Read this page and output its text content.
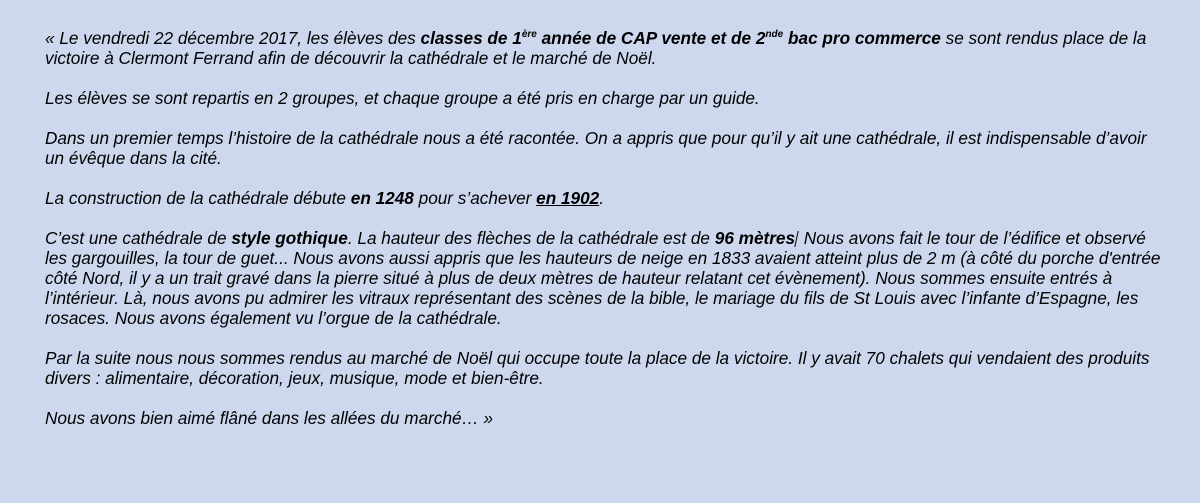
« Le vendredi 22 décembre 2017, les élèves des classes de 1ère année de CAP vente et de 2nde bac pro commerce se sont rendus place de la victoire à Clermont Ferrand afin de découvrir la cathédrale et le marché de Noël.

Les élèves se sont repartis en 2 groupes, et chaque groupe a été pris en charge par un guide.

Dans un premier temps l’histoire de la cathédrale nous a été racontée. On a appris que pour qu’il y ait une cathédrale, il est indispensable d’avoir un évêque dans la cité.

La construction de la cathédrale débute en 1248 pour s’achever en 1902.

C’est une cathédrale de style gothique. La hauteur des flèches de la cathédrale est de 96 mètres Nous avons fait le tour de l’édifice et observé les gargouilles, la tour de guet... Nous avons aussi appris que les hauteurs de neige en 1833 avaient atteint plus de 2 m (à côté du porche d'entrée côté Nord, il y a un trait gravé dans la pierre situé à plus de deux mètres de hauteur relatant cet évènement). Nous sommes ensuite entrés à l’intérieur. Là, nous avons pu admirer les vitraux représentant des scènes de la bible, le mariage du fils de St Louis avec l’infante d’Espagne, les rosaces. Nous avons également vu l’orgue de la cathédrale.

Par la suite nous nous sommes rendus au marché de Noël qui occupe toute la place de la victoire. Il y avait 70 chalets qui vendaient des produits divers : alimentaire, décoration, jeux, musique, mode et bien-être.

Nous avons bien aimé flâné dans les allées du marché… »
